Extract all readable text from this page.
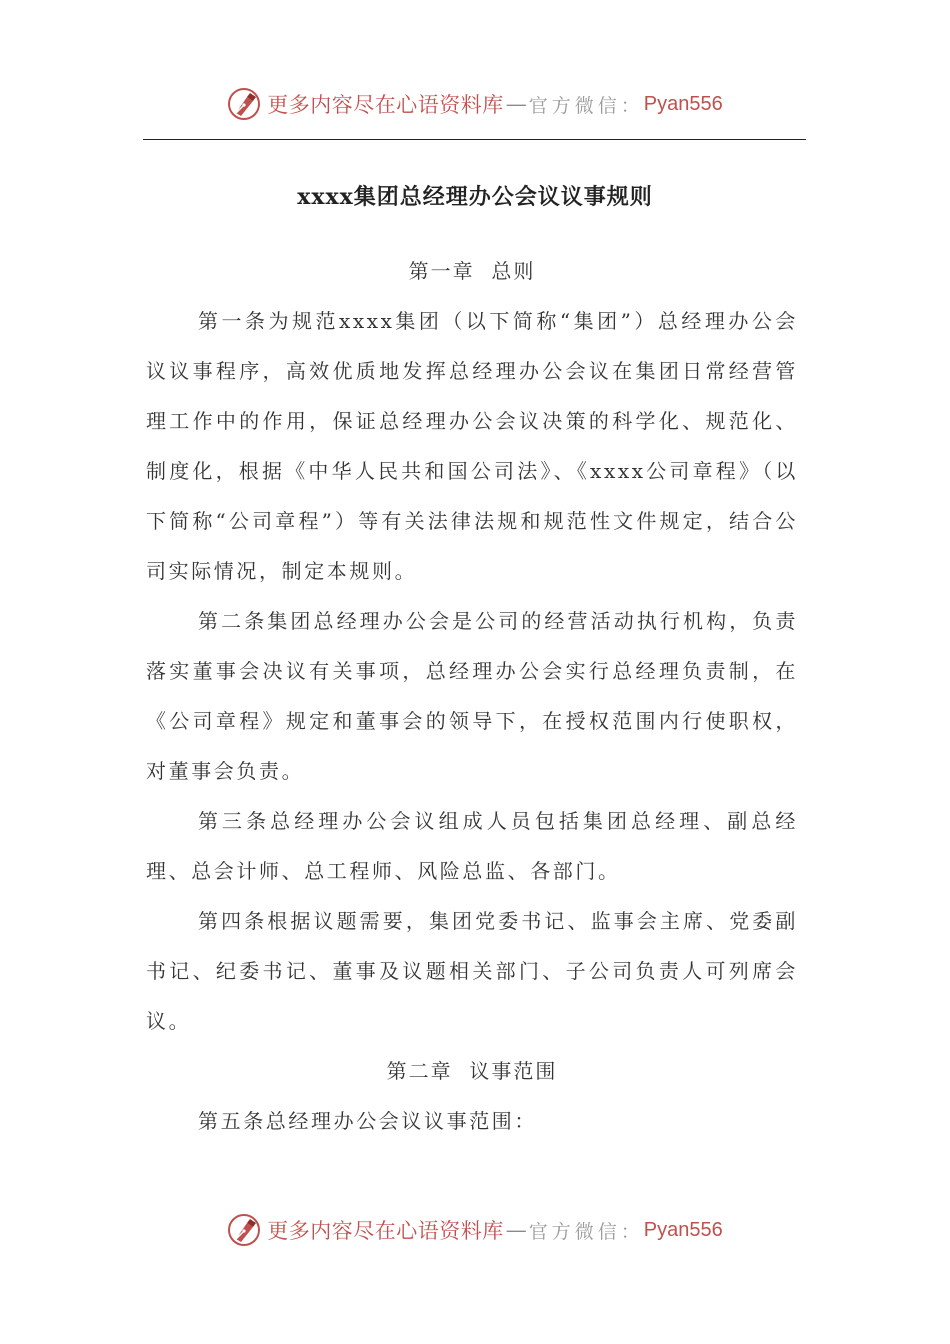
更多内容尽在心语资料库 — 官方微信： Pyan556
xxxx集团总经理办公会议议事规则

第一章  总则

第一条为规范xxxx集团（以下简称“集团”）总经理办公会议议事程序，高效优质地发挥总经理办公会议在集团日常经营管理工作中的作用，保证总经理办公会议决策的科学化、规范化、制度化，根据《中华人民共和国公司法》、《xxxx公司章程》（以下简称“公司章程”）等有关法律法规和规范性文件规定，结合公司实际情况，制定本规则。

第二条集团总经理办公会是公司的经营活动执行机构，负责落实董事会决议有关事项，总经理办公会实行总经理负责制，在《公司章程》规定和董事会的领导下，在授权范围内行使职权，对董事会负责。

第三条总经理办公会议组成人员包括集团总经理、副总经理、总会计师、总工程师、风险总监、各部门。

第四条根据议题需要，集团党委书记、监事会主席、党委副书记、纪委书记、董事及议题相关部门、子公司负责人可列席会议。

第二章  议事范围

第五条总经理办公会议议事范围：

更多内容尽在心语资料库 — 官方微信： Pyan556
